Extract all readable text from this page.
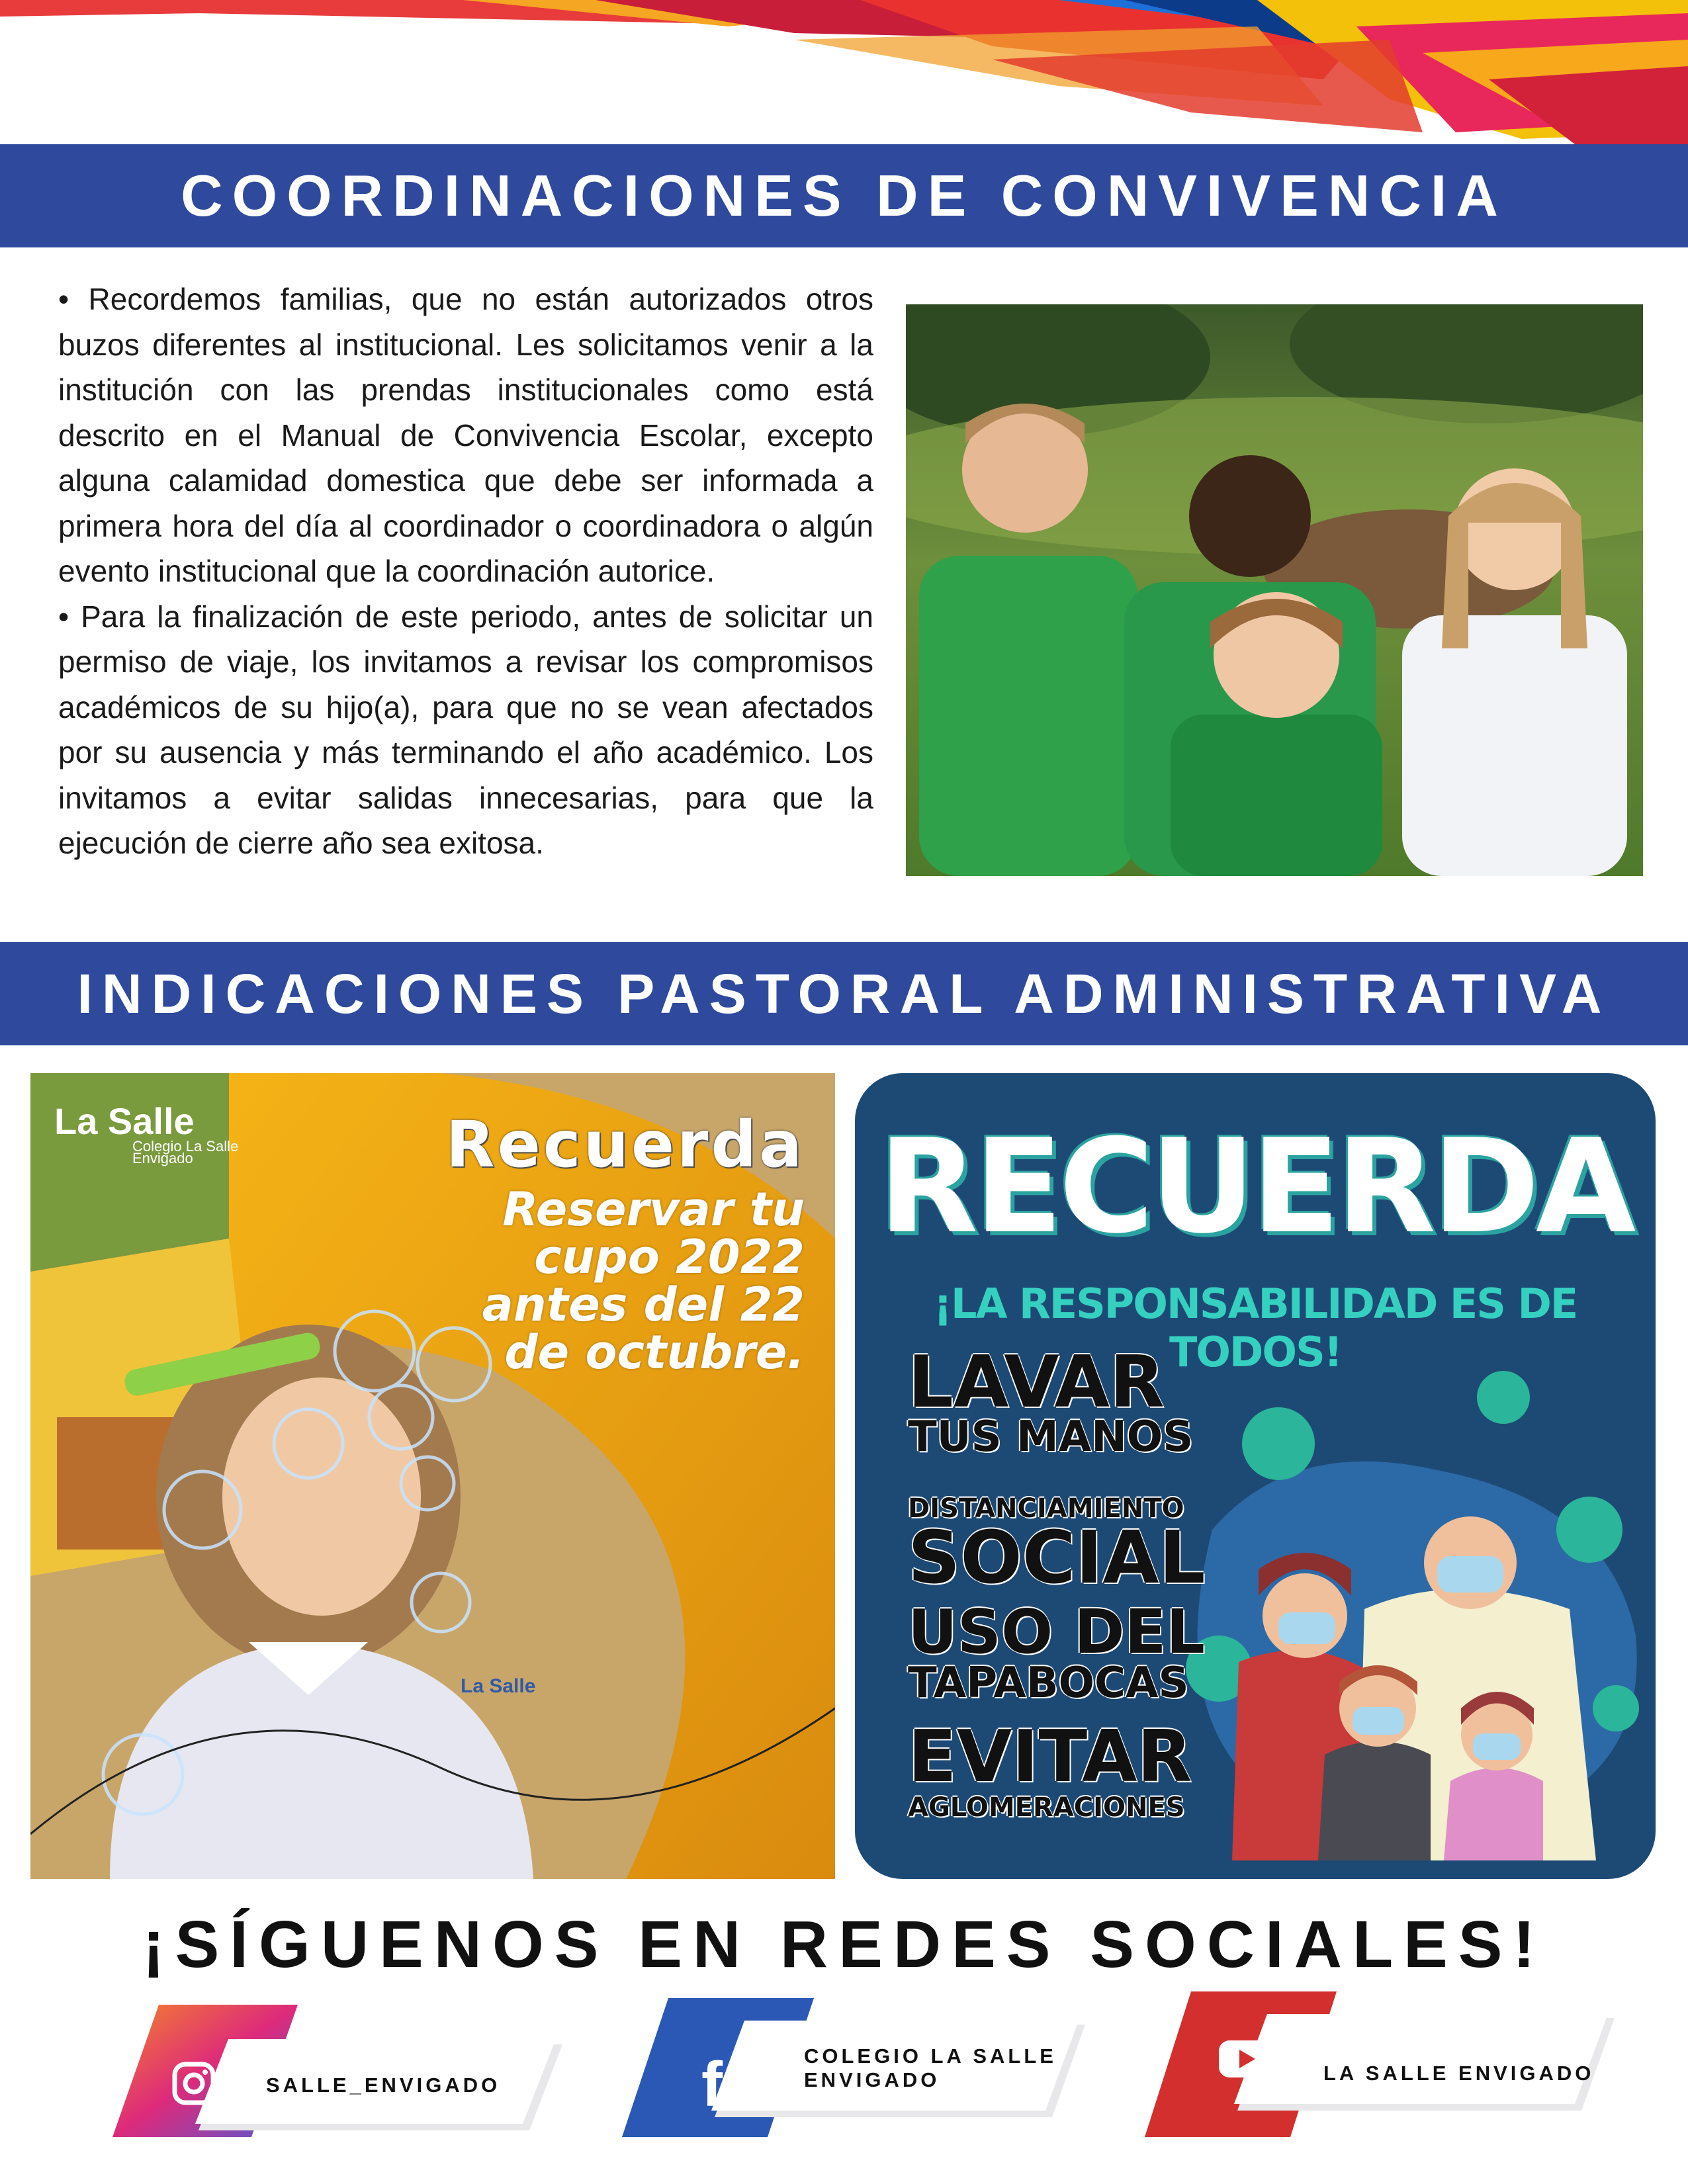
COORDINACIONES DE CONVIVENCIA

• Recordemos familias, que no están autorizados otros buzos diferentes al institucional. Les solicitamos venir a la institución con las prendas institucionales como está descrito en el Manual de Convivencia Escolar, excepto alguna calamidad domestica que debe ser informada a primera hora del día al coordinador o coordinadora o algún evento institucional que la coordinación autorice.

• Para la finalización de este periodo, antes de solicitar un permiso de viaje, los invitamos a revisar los compromisos académicos de su hijo(a), para que no se vean afectados por su ausencia y más terminando el año académico. Los invitamos a evitar salidas innecesarias, para que la ejecución de cierre año sea exitosa.

INDICACIONES PASTORAL ADMINISTRATIVA
La Salle
Colegio La Salle
Envigado	Recuerda
Reservar tu
cupo 2022
antes del 22
de octubre.
La Salle
RECUERDA
¡LA RESPONSABILIDAD ES DE TODOS!
LAVAR
TUS MANOS
DISTANCIAMIENTO
SOCIAL
USO DEL
TAPABOCAS
EVITAR
AGLOMERACIONES
¡SÍGUENOS EN REDES SOCIALES!
SALLE_ENVIGADO	f	COLEGIO LA SALLE
ENVIGADO	LA SALLE ENVIGADO
